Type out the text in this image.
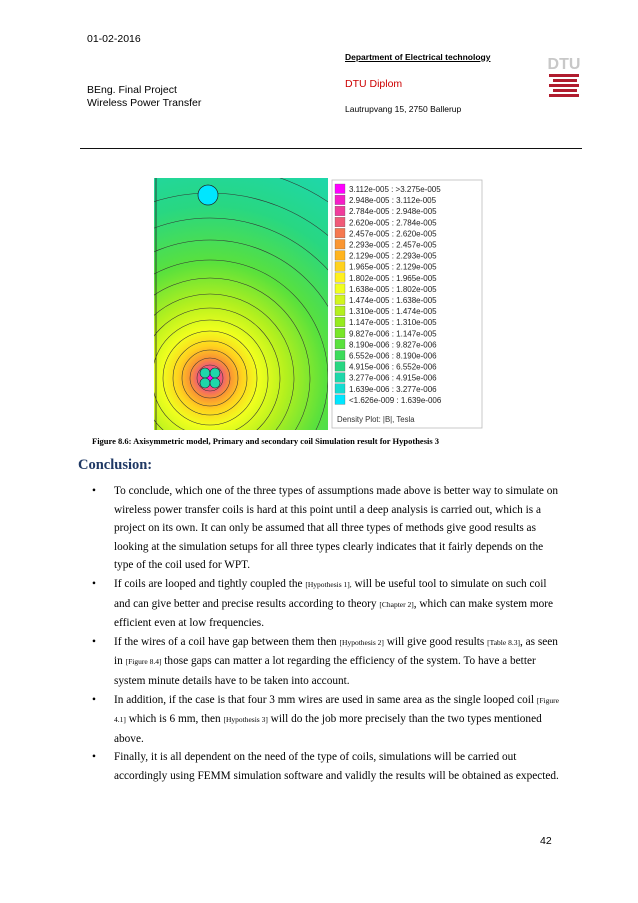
01-02-2016
BEng. Final Project
Wireless Power Transfer
Department of Electrical technology
DTU Diplom
Lautrupvang 15, 2750 Ballerup
DTU
3.112e-005 : >3.275e-005
2.948e-005 : 3.112e-005
2.784e-005 : 2.948e-005
2.620e-005 : 2.784e-005
2.457e-005 : 2.620e-005
2.293e-005 : 2.457e-005
2.129e-005 : 2.293e-005
1.965e-005 : 2.129e-005
1.802e-005 : 1.965e-005
1.638e-005 : 1.802e-005
1.474e-005 : 1.638e-005
1.310e-005 : 1.474e-005
1.147e-005 : 1.310e-005
9.827e-006 : 1.147e-005
8.190e-006 : 9.827e-006
6.552e-006 : 8.190e-006
4.915e-006 : 6.552e-006
3.277e-006 : 4.915e-006
1.639e-006 : 3.277e-006
<1.626e-009 : 1.639e-006
Density Plot: |B|, Tesla
Figure 8.6: Axisymmetric model, Primary and secondary coil Simulation result for Hypothesis 3
Conclusion:
• To conclude, which one of the three types of assumptions made above is better way to simulate on wireless power transfer coils is hard at this point until a deep analysis is carried out, which is a project on its own. It can only be assumed that all three types of methods give good results as looking at the simulation setups for all three types clearly indicates that it fairly depends on the type of the coil used for WPT.
• If coils are looped and tightly coupled the [Hypothesis 1], will be useful tool to simulate on such coil and can give better and precise results according to theory [Chapter 2], which can make system more efficient even at low frequencies.
• If the wires of a coil have gap between them then [Hypothesis 2] will give good results [Table 8.3], as seen in [Figure 8.4] those gaps can matter a lot regarding the efficiency of the system. To have a better system minute details have to be taken into account.
• In addition, if the case is that four 3 mm wires are used in same area as the single looped coil [Figure 4.1] which is 6 mm, then [Hypothesis 3] will do the job more precisely than the two types mentioned above.
• Finally, it is all dependent on the need of the type of coils, simulations will be carried out accordingly using FEMM simulation software and validly the results will be obtained as expected.
42
